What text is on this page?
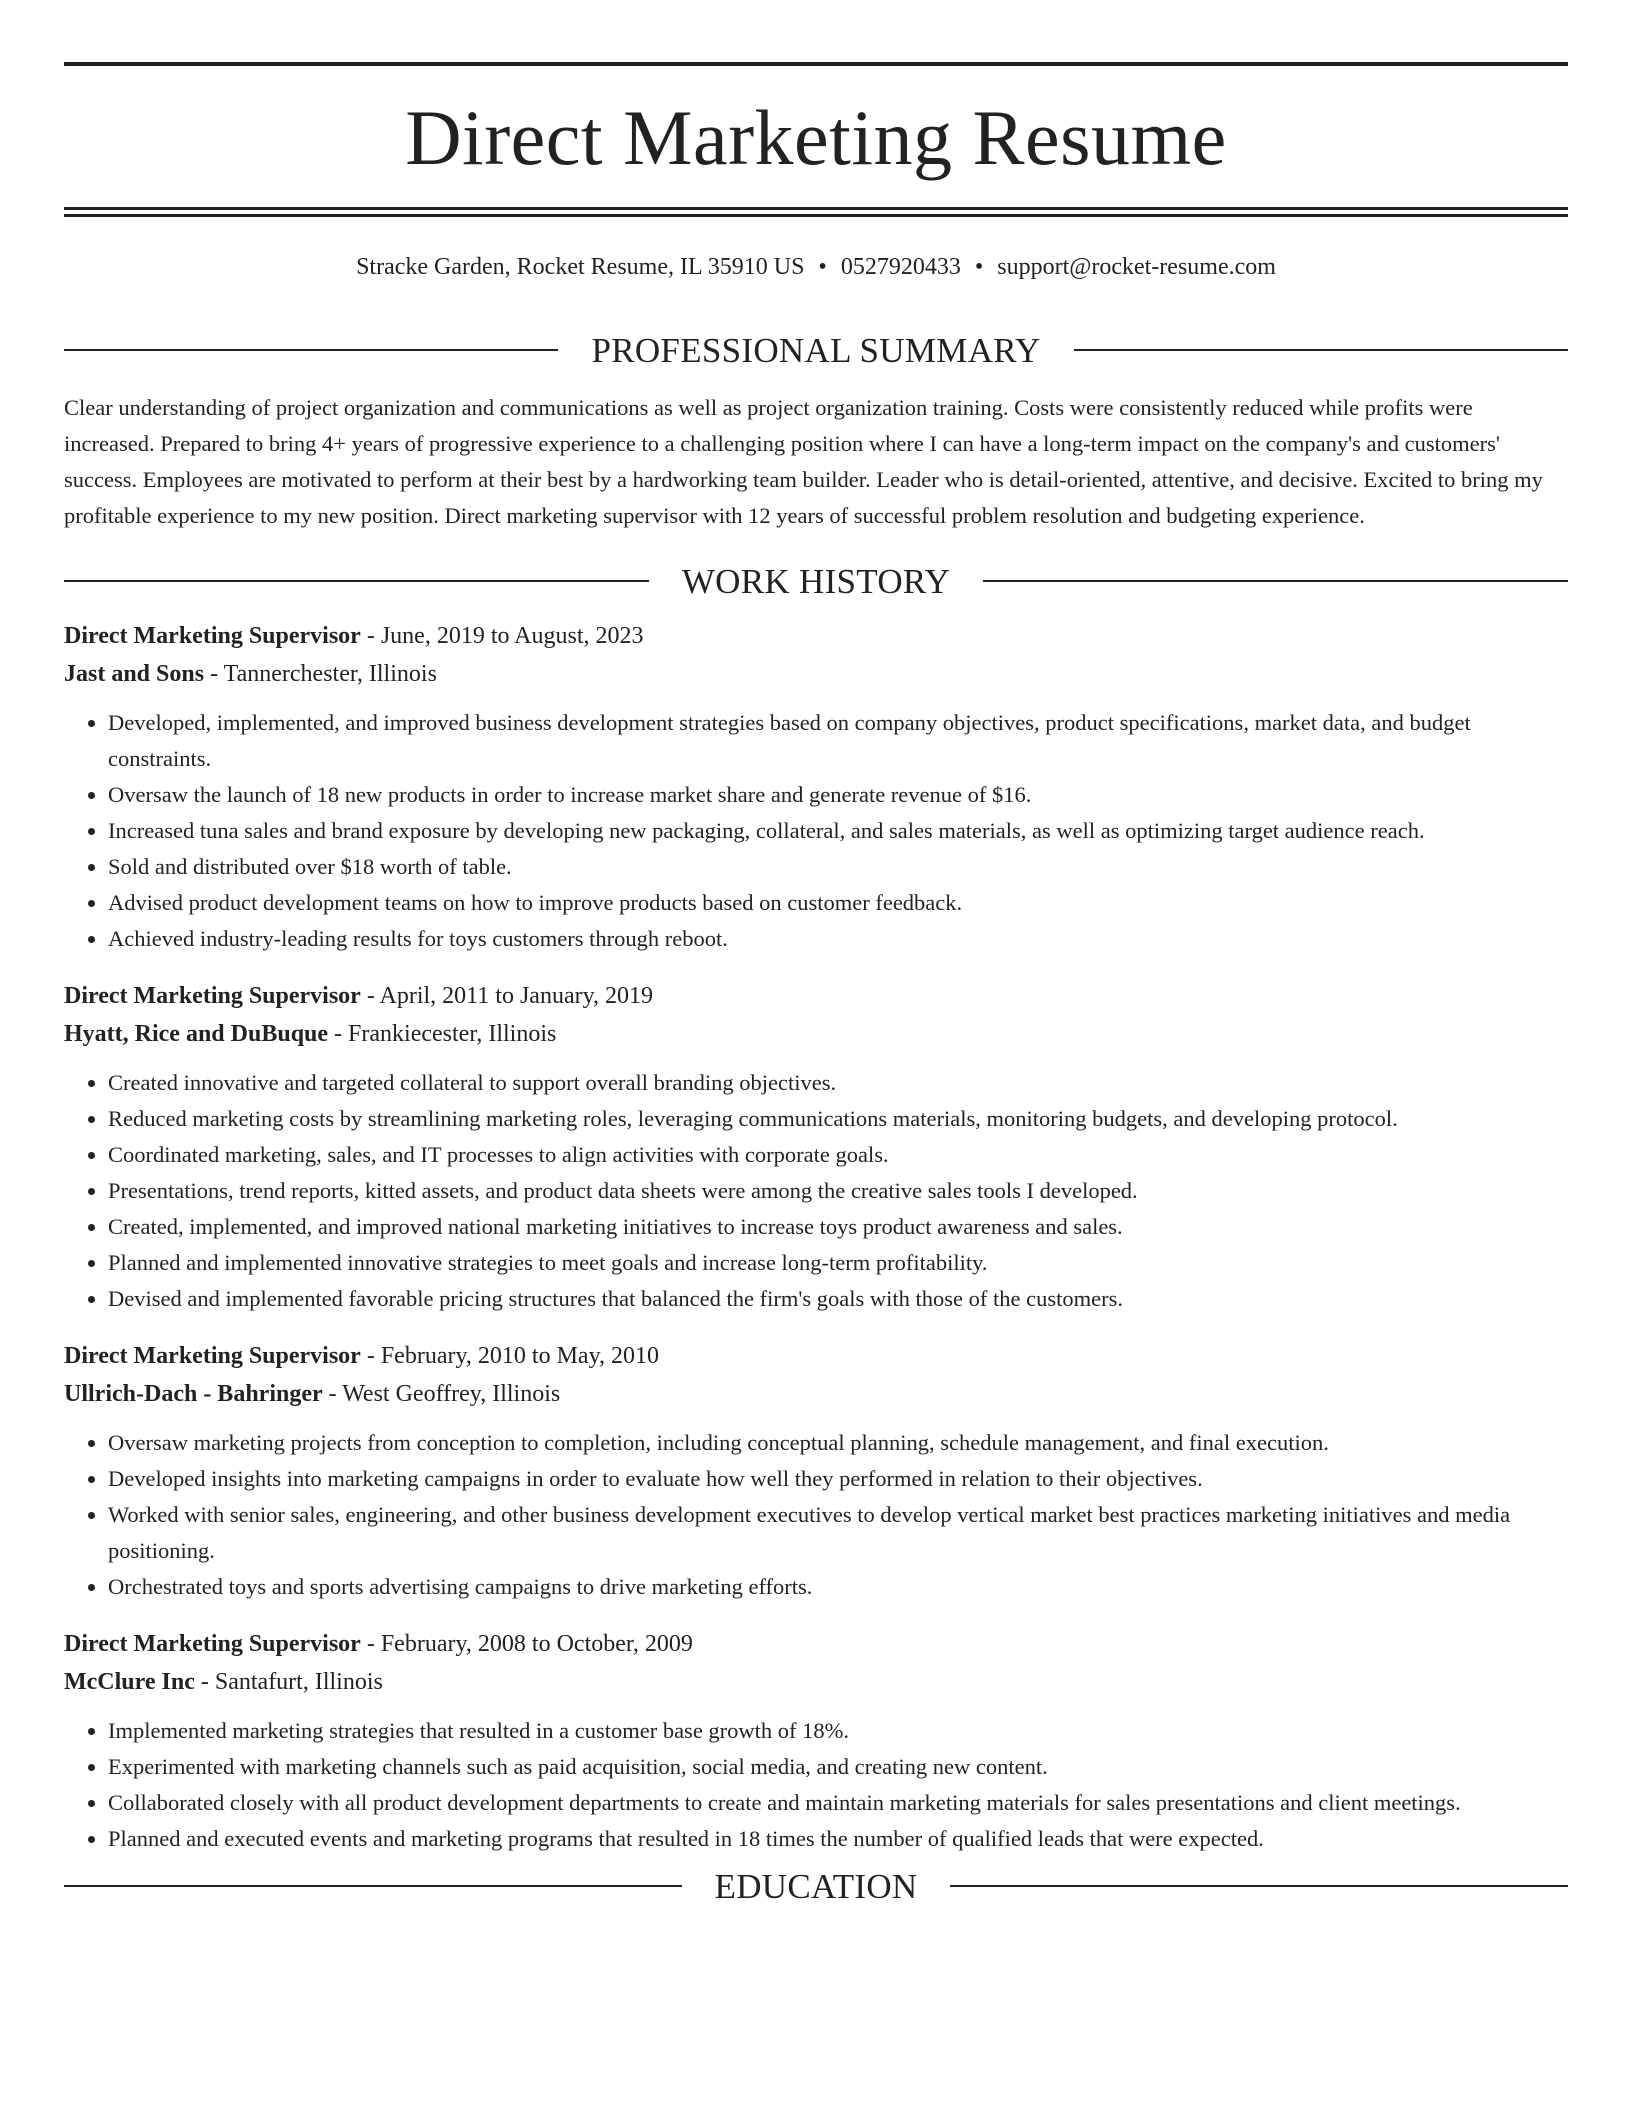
Direct Marketing Resume
Stracke Garden, Rocket Resume, IL 35910 US • 0527920433 • support@rocket-resume.com
PROFESSIONAL SUMMARY

Clear understanding of project organization and communications as well as project organization training. Costs were consistently reduced while profits were increased. Prepared to bring 4+ years of progressive experience to a challenging position where I can have a long-term impact on the company's and customers' success. Employees are motivated to perform at their best by a hardworking team builder. Leader who is detail-oriented, attentive, and decisive. Excited to bring my profitable experience to my new position. Direct marketing supervisor with 12 years of successful problem resolution and budgeting experience.

WORK HISTORY
Direct Marketing Supervisor - June, 2019 to August, 2023
Jast and Sons - Tannerchester, Illinois
• Developed, implemented, and improved business development strategies based on company objectives, product specifications, market data, and budget constraints.
• Oversaw the launch of 18 new products in order to increase market share and generate revenue of $16.
• Increased tuna sales and brand exposure by developing new packaging, collateral, and sales materials, as well as optimizing target audience reach.
• Sold and distributed over $18 worth of table.
• Advised product development teams on how to improve products based on customer feedback.
• Achieved industry-leading results for toys customers through reboot.
Direct Marketing Supervisor - April, 2011 to January, 2019
Hyatt, Rice and DuBuque - Frankiecester, Illinois
• Created innovative and targeted collateral to support overall branding objectives.
• Reduced marketing costs by streamlining marketing roles, leveraging communications materials, monitoring budgets, and developing protocol.
• Coordinated marketing, sales, and IT processes to align activities with corporate goals.
• Presentations, trend reports, kitted assets, and product data sheets were among the creative sales tools I developed.
• Created, implemented, and improved national marketing initiatives to increase toys product awareness and sales.
• Planned and implemented innovative strategies to meet goals and increase long-term profitability.
• Devised and implemented favorable pricing structures that balanced the firm's goals with those of the customers.
Direct Marketing Supervisor - February, 2010 to May, 2010
Ullrich-Dach - Bahringer - West Geoffrey, Illinois
• Oversaw marketing projects from conception to completion, including conceptual planning, schedule management, and final execution.
• Developed insights into marketing campaigns in order to evaluate how well they performed in relation to their objectives.
• Worked with senior sales, engineering, and other business development executives to develop vertical market best practices marketing initiatives and media positioning.
• Orchestrated toys and sports advertising campaigns to drive marketing efforts.
Direct Marketing Supervisor - February, 2008 to October, 2009
McClure Inc - Santafurt, Illinois
• Implemented marketing strategies that resulted in a customer base growth of 18%.
• Experimented with marketing channels such as paid acquisition, social media, and creating new content.
• Collaborated closely with all product development departments to create and maintain marketing materials for sales presentations and client meetings.
• Planned and executed events and marketing programs that resulted in 18 times the number of qualified leads that were expected.
EDUCATION
